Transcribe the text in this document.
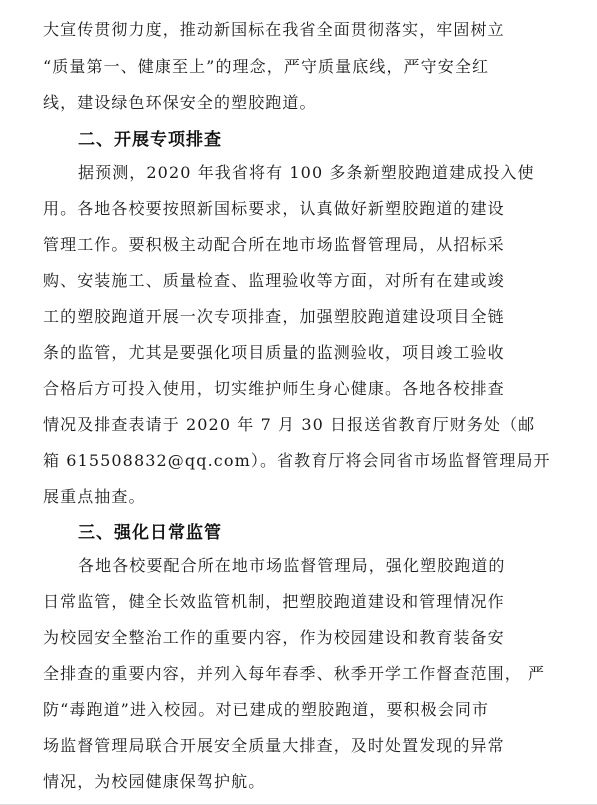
大宣传贯彻力度，推动新国标在我省全面贯彻落实，牢固树立
“质量第一、健康至上”的理念，严守质量底线，严守安全红
线，建设绿色环保安全的塑胶跑道。
二、开展专项排查
据预测，2020 年我省将有 100 多条新塑胶跑道建成投入使
用。各地各校要按照新国标要求，认真做好新塑胶跑道的建设
管理工作。要积极主动配合所在地市场监督管理局，从招标采
购、安装施工、质量检查、监理验收等方面，对所有在建或竣
工的塑胶跑道开展一次专项排查，加强塑胶跑道建设项目全链
条的监管，尤其是要强化项目质量的监测验收，项目竣工验收
合格后方可投入使用，切实维护师生身心健康。各地各校排查
情况及排查表请于 2020 年 7 月 30 日报送省教育厅财务处（邮
箱 615508832@qq.com）。省教育厅将会同省市场监督管理局开
展重点抽查。
三、强化日常监管
各地各校要配合所在地市场监督管理局，强化塑胶跑道的
日常监管，健全长效监管机制，把塑胶跑道建设和管理情况作
为校园安全整治工作的重要内容，作为校园建设和教育装备安
全排查的重要内容，并列入每年春季、秋季开学工作督查范围， 严
防“毒跑道”进入校园。对已建成的塑胶跑道，要积极会同市
场监督管理局联合开展安全质量大排查，及时处置发现的异常
情况，为校园健康保驾护航。
